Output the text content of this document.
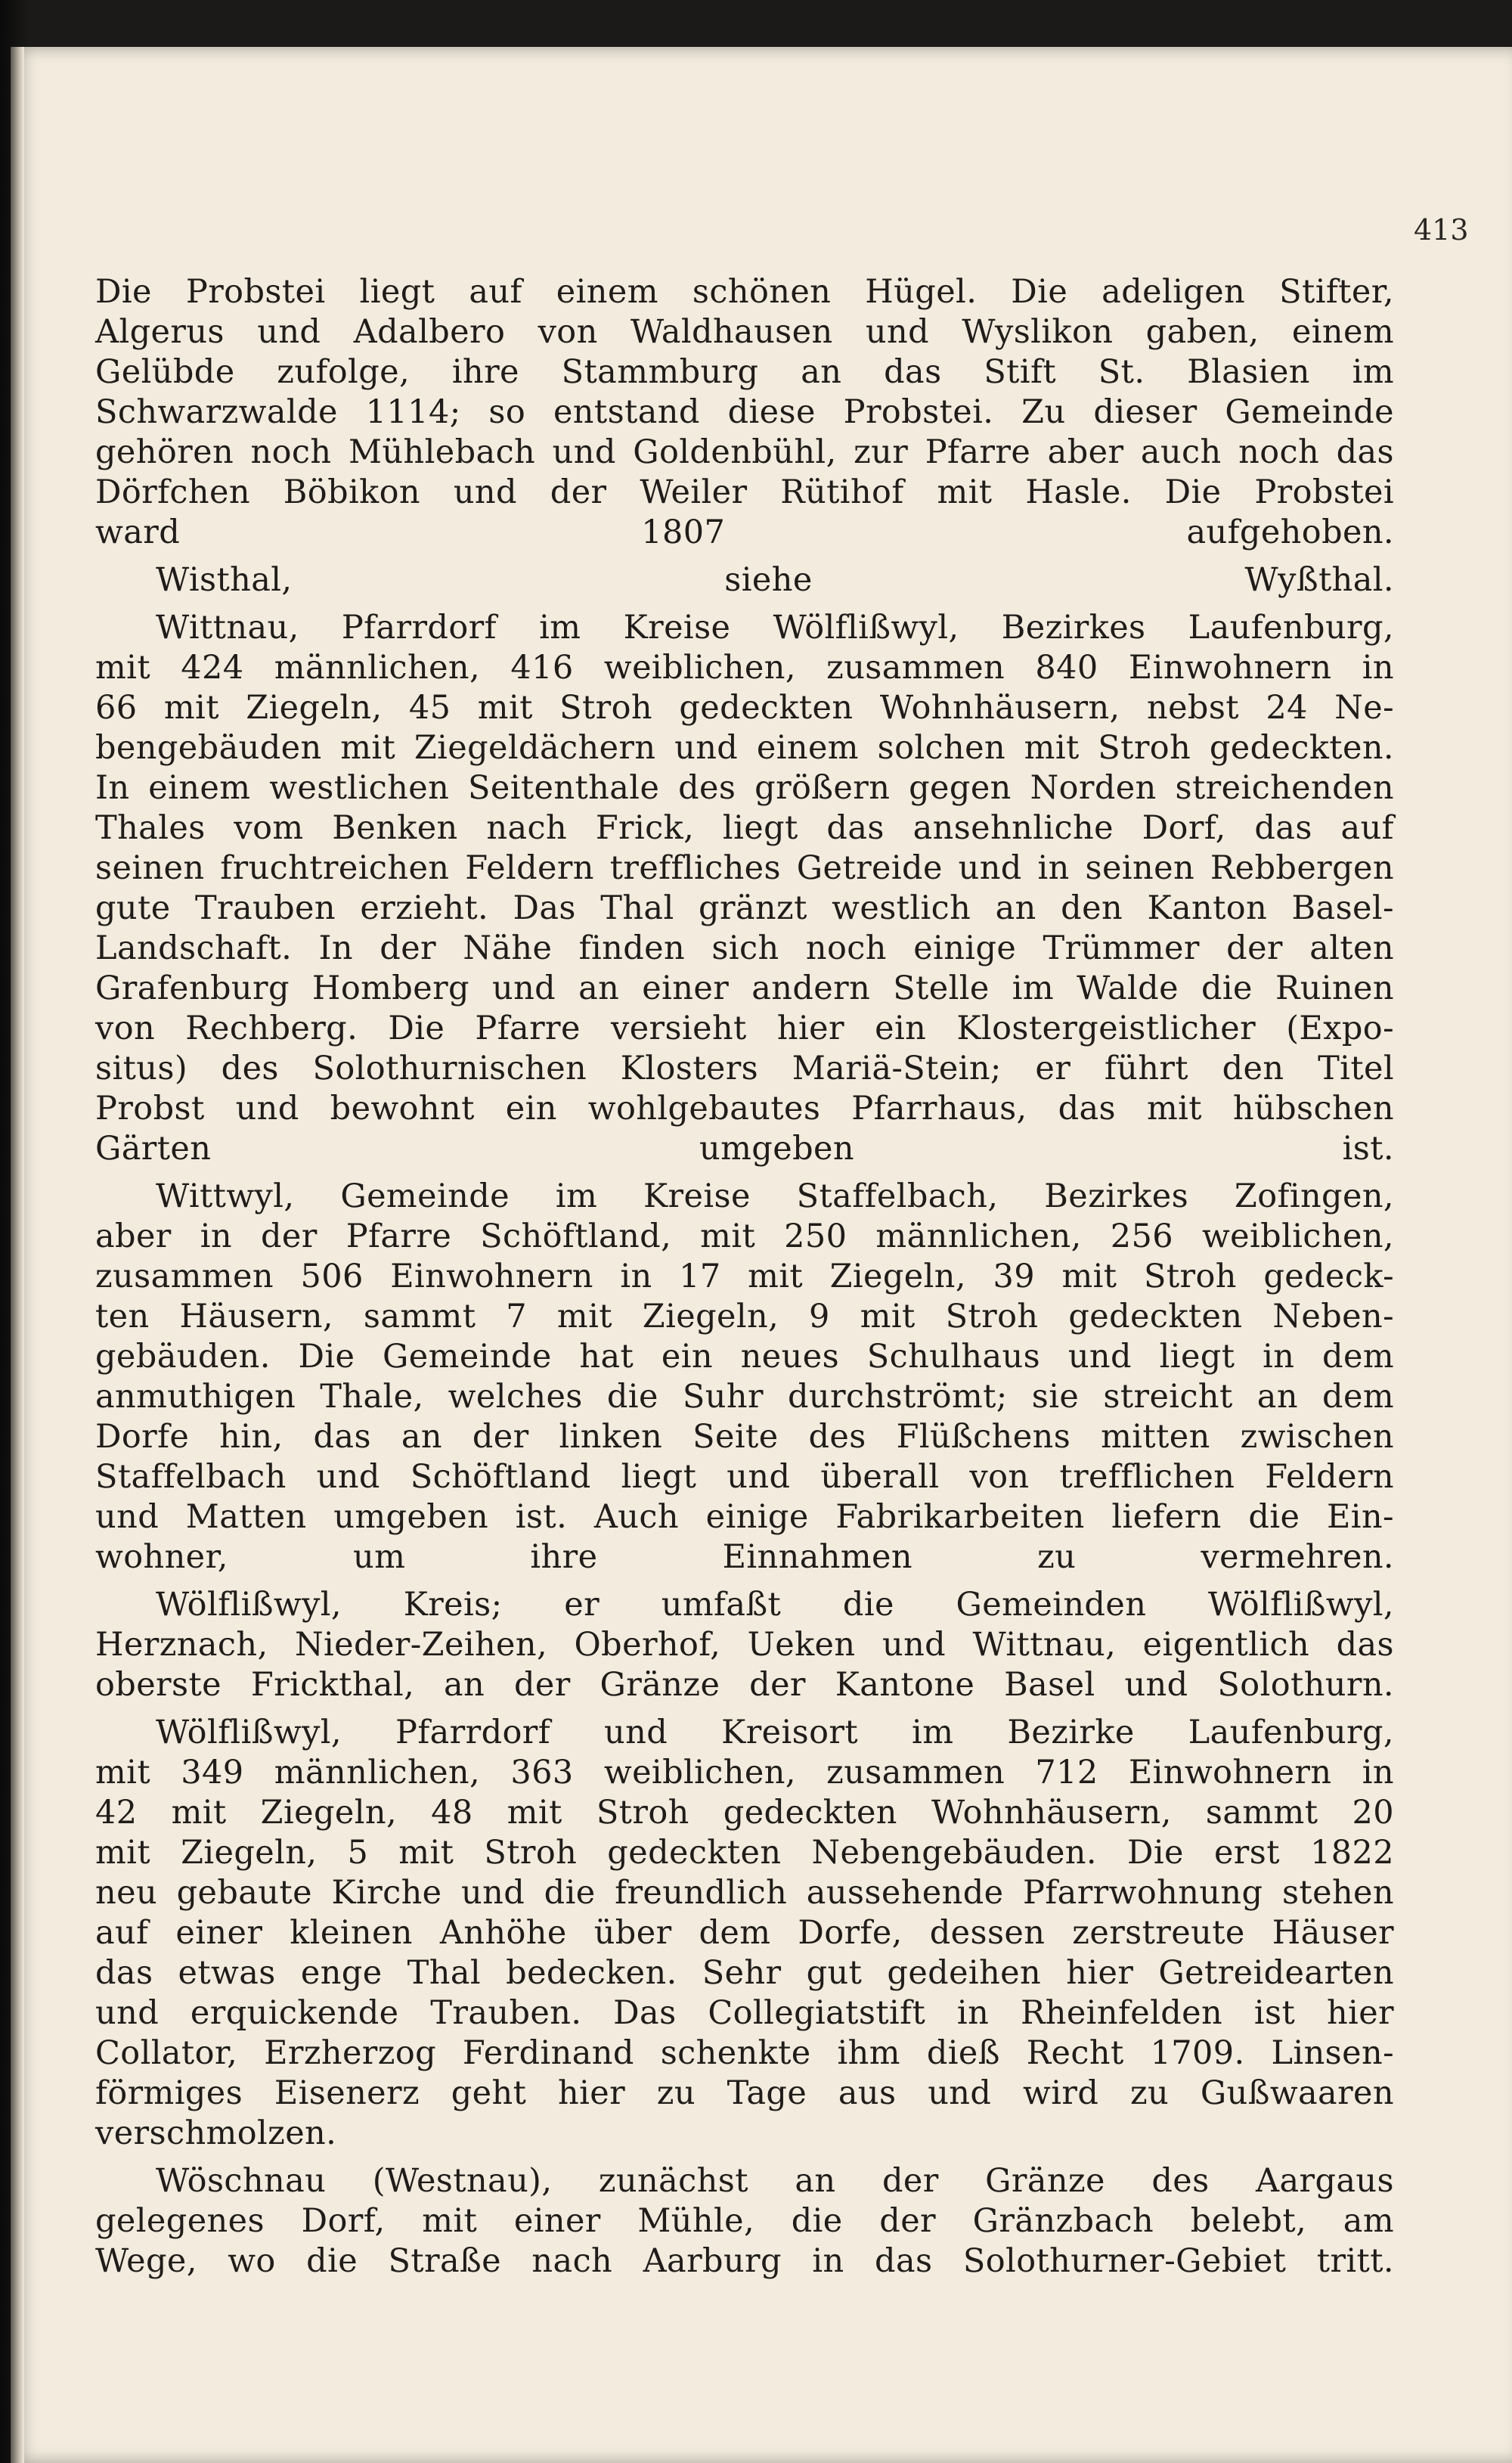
413
Die Probstei liegt auf einem schönen Hügel. Die adeligen Stifter,
Algerus und Adalbero von Waldhausen und Wyslikon gaben, einem
Gelübde zufolge, ihre Stammburg an das Stift St. Blasien im
Schwarzwalde 1114; so entstand diese Probstei. Zu dieser Gemeinde
gehören noch Mühlebach und Goldenbühl, zur Pfarre aber auch noch das
Dörfchen Böbikon und der Weiler Rütihof mit Hasle. Die Probstei
ward 1807 aufgehoben.
Wisthal, siehe Wyßthal.
Wittnau, Pfarrdorf im Kreise Wölflißwyl, Bezirkes Laufenburg,
mit 424 männlichen, 416 weiblichen, zusammen 840 Einwohnern in
66 mit Ziegeln, 45 mit Stroh gedeckten Wohnhäusern, nebst 24 Ne-
bengebäuden mit Ziegeldächern und einem solchen mit Stroh gedeckten.
In einem westlichen Seitenthale des größern gegen Norden streichenden
Thales vom Benken nach Frick, liegt das ansehnliche Dorf, das auf
seinen fruchtreichen Feldern treffliches Getreide und in seinen Rebbergen
gute Trauben erzieht. Das Thal gränzt westlich an den Kanton Basel-
Landschaft. In der Nähe finden sich noch einige Trümmer der alten
Grafenburg Homberg und an einer andern Stelle im Walde die Ruinen
von Rechberg. Die Pfarre versieht hier ein Klostergeistlicher (Expo-
situs) des Solothurnischen Klosters Mariä-Stein; er führt den Titel
Probst und bewohnt ein wohlgebautes Pfarrhaus, das mit hübschen
Gärten umgeben ist.
Wittwyl, Gemeinde im Kreise Staffelbach, Bezirkes Zofingen,
aber in der Pfarre Schöftland, mit 250 männlichen, 256 weiblichen,
zusammen 506 Einwohnern in 17 mit Ziegeln, 39 mit Stroh gedeck-
ten Häusern, sammt 7 mit Ziegeln, 9 mit Stroh gedeckten Neben-
gebäuden. Die Gemeinde hat ein neues Schulhaus und liegt in dem
anmuthigen Thale, welches die Suhr durchströmt; sie streicht an dem
Dorfe hin, das an der linken Seite des Flüßchens mitten zwischen
Staffelbach und Schöftland liegt und überall von trefflichen Feldern
und Matten umgeben ist. Auch einige Fabrikarbeiten liefern die Ein-
wohner, um ihre Einnahmen zu vermehren.
Wölflißwyl, Kreis; er umfaßt die Gemeinden Wölflißwyl,
Herznach, Nieder-Zeihen, Oberhof, Ueken und Wittnau, eigentlich das
oberste Frickthal, an der Gränze der Kantone Basel und Solothurn.
Wölflißwyl, Pfarrdorf und Kreisort im Bezirke Laufenburg,
mit 349 männlichen, 363 weiblichen, zusammen 712 Einwohnern in
42 mit Ziegeln, 48 mit Stroh gedeckten Wohnhäusern, sammt 20
mit Ziegeln, 5 mit Stroh gedeckten Nebengebäuden. Die erst 1822
neu gebaute Kirche und die freundlich aussehende Pfarrwohnung stehen
auf einer kleinen Anhöhe über dem Dorfe, dessen zerstreute Häuser
das etwas enge Thal bedecken. Sehr gut gedeihen hier Getreidearten
und erquickende Trauben. Das Collegiatstift in Rheinfelden ist hier
Collator, Erzherzog Ferdinand schenkte ihm dieß Recht 1709. Linsen-
förmiges Eisenerz geht hier zu Tage aus und wird zu Gußwaaren
verschmolzen.
Wöschnau (Westnau), zunächst an der Gränze des Aargaus
gelegenes Dorf, mit einer Mühle, die der Gränzbach belebt, am
Wege, wo die Straße nach Aarburg in das Solothurner-Gebiet tritt.
